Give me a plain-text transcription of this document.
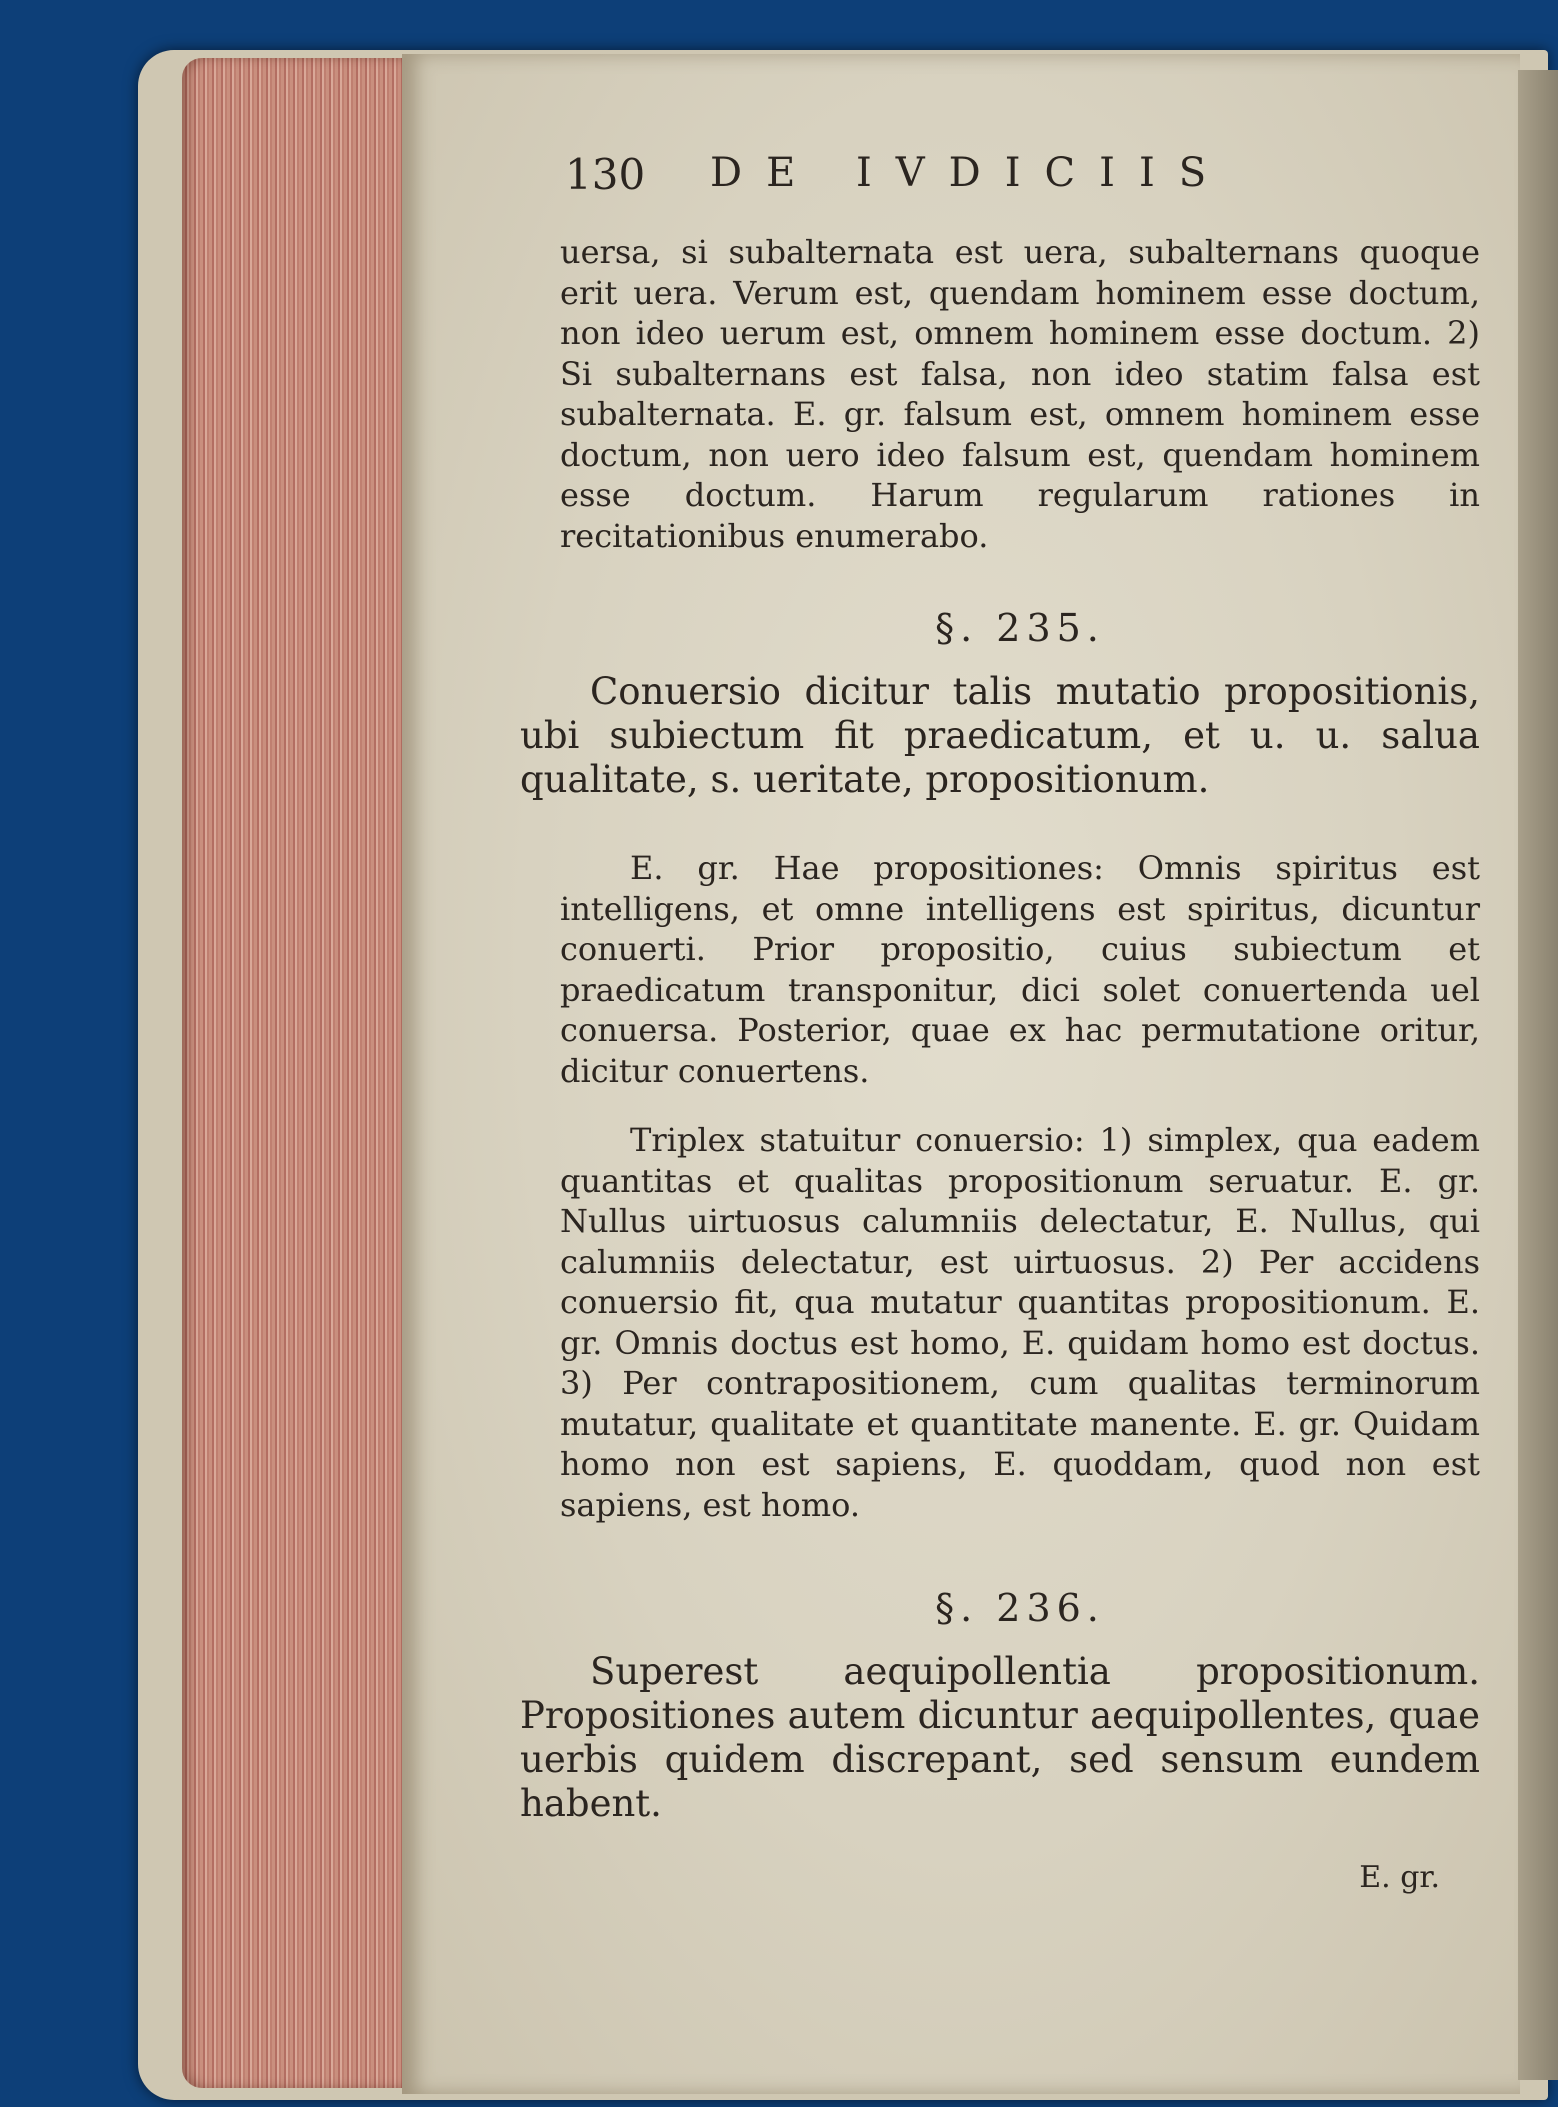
130 DE IVDICIIS

uersa, si subalternata est uera, subalternans quoque erit uera. Verum est, quendam hominem esse doctum, non ideo uerum est, omnem hominem esse doctum. 2) Si subalternans est falsa, non ideo statim falsa est subalternata. E. gr. falsum est, omnem hominem esse doctum, non uero ideo falsum est, quendam hominem esse doctum. Harum regularum rationes in recitationibus enumerabo.

§. 235.

Conuersio dicitur talis mutatio propositionis, ubi subiectum fit praedicatum, et u. u. salua qualitate, s. ueritate, propositionum.

E. gr. Hae propositiones: Omnis spiritus est intelligens, et omne intelligens est spiritus, dicuntur conuerti. Prior propositio, cuius subiectum et praedicatum transponitur, dici solet conuertenda uel conuersa. Posterior, quae ex hac permutatione oritur, dicitur conuertens.

Triplex statuitur conuersio: 1) simplex, qua eadem quantitas et qualitas propositionum seruatur. E. gr. Nullus uirtuosus calumniis delectatur, E. Nullus, qui calumniis delectatur, est uirtuosus. 2) Per accidens conuersio fit, qua mutatur quantitas propositionum. E. gr. Omnis doctus est homo, E. quidam homo est doctus. 3) Per contrapositionem, cum qualitas terminorum mutatur, qualitate et quantitate manente. E. gr. Quidam homo non est sapiens, E. quoddam, quod non est sapiens, est homo.

§. 236.

Superest aequipollentia propositionum. Propositiones autem dicuntur aequipollentes, quae uerbis quidem discrepant, sed sensum eundem habent.

E. gr.
